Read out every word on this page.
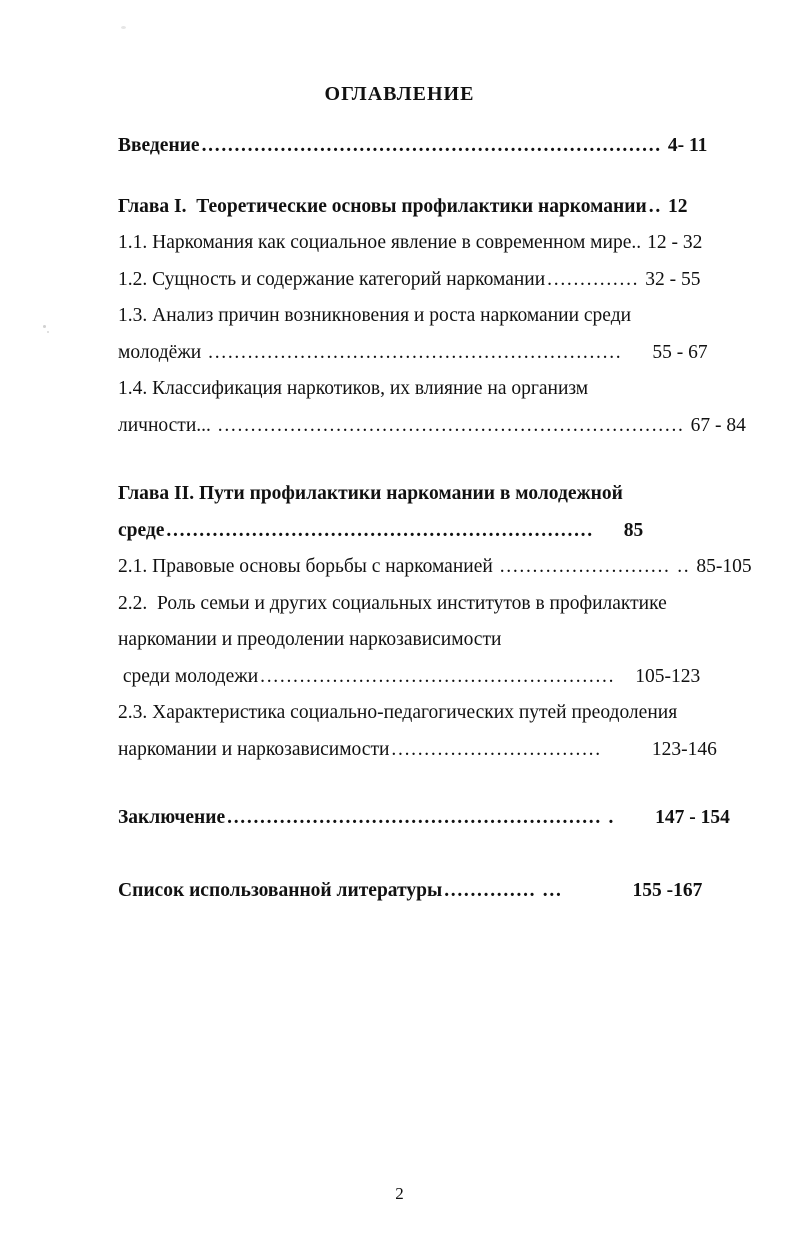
ОГЛАВЛЕНИЕ
Введение ...................................................................... 4- 11
Глава I.  Теоретические основы профилактики наркомании .. 12
1.1. Наркомания как социальное явление в современном мире.. 12 - 32
1.2. Сущность и содержание категорий наркомании .............. 32 - 55
1.3. Анализ причин возникновения и роста наркомании среди
молодёжи ............................................................... 55 - 67
1.4. Классификация наркотиков, их влияние на организм
личности... ....................................................................... 67 - 84
Глава II. Пути профилактики наркомании в молодежной
среде ................................................................. 85
2.1. Правовые основы борьбы с наркоманией .......................... .. 85-105
2.2.  Роль семьи и других социальных институтов в профилактике
наркомании и преодолении наркозависимости
среди молодежи ...................................................... 105-123
2.3. Характеристика социально-педагогических путей преодоления
наркомании и наркозависимости ................................	123-146
Заключение ......................................................... . 147 - 154
Список использованной литературы .............. ...	155 -167
2
